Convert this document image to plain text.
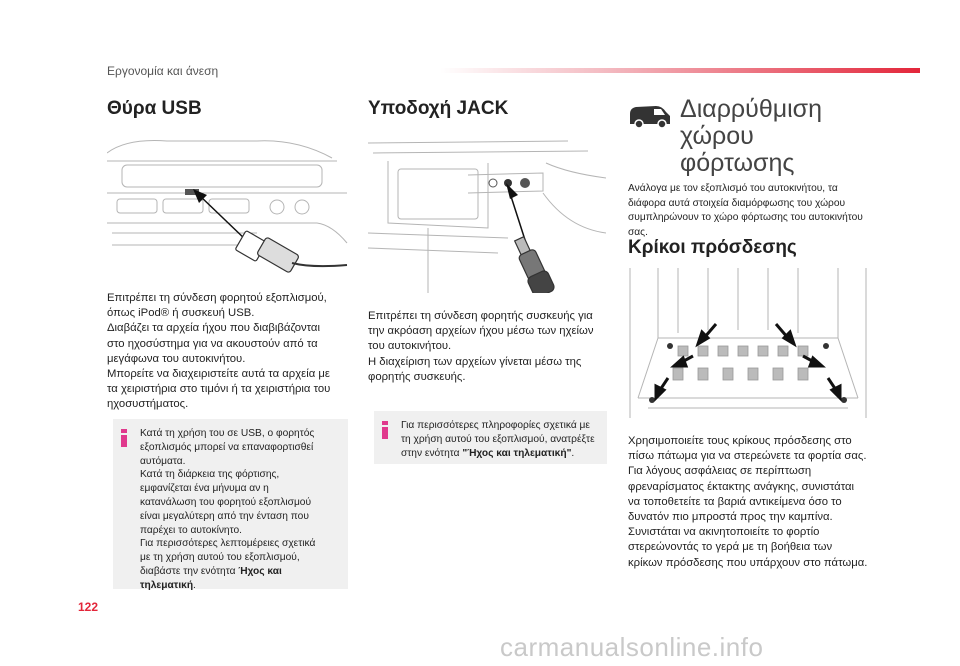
Εργονομία και άνεση
Θύρα USB

Επιτρέπει τη σύνδεση φορητού εξοπλισμού,

όπως iPod® ή συσκευή USB.

Διαβάζει τα αρχεία ήχου που διαβιβάζονται

στο ηχοσύστημα για να ακουστούν από τα

μεγάφωνα του αυτοκινήτου.

Μπορείτε να διαχειριστείτε αυτά τα αρχεία με

τα χειριστήρια στο τιμόνι ή τα χειριστήρια του

ηχοσυστήματος.

Κατά τη χρήση του σε USB, ο φορητός

εξοπλισμός μπορεί να επαναφορτισθεί

αυτόματα.

Κατά τη διάρκεια της φόρτισης,

εμφανίζεται ένα μήνυμα αν η

κατανάλωση του φορητού εξοπλισμού

είναι μεγαλύτερη από την ένταση που

παρέχει το αυτοκίνητο.

Για περισσότερες λεπτομέρειες σχετικά

με τη χρήση αυτού του εξοπλισμού,

διαβάστε την ενότητα Ήχος και

τηλεματική.

Υποδοχή JACK

Επιτρέπει τη σύνδεση φορητής συσκευής για

την ακρόαση αρχείων ήχου μέσω των ηχείων

του αυτοκινήτου.

Η διαχείριση των αρχείων γίνεται μέσω της

φορητής συσκευής.

Για περισσότερες πληροφορίες σχετικά με

τη χρήση αυτού του εξοπλισμού, ανατρέξτε

στην ενότητα "Ήχος και τηλεματική".

Διαρρύθμιση
χώρου
φόρτωσης
Ανάλογα με τον εξοπλισμό του αυτοκινήτου, τα διάφορα αυτά στοιχεία διαμόρφωσης του χώρου συμπληρώνουν το χώρο φόρτωσης του αυτοκινήτου σας.
Κρίκοι πρόσδεσης

Χρησιμοποιείτε τους κρίκους πρόσδεσης στο

πίσω πάτωμα για να στερεώνετε τα φορτία σας.

Για λόγους ασφάλειας σε περίπτωση

φρεναρίσματος έκτακτης ανάγκης, συνιστάται

να τοποθετείτε τα βαριά αντικείμενα όσο το

δυνατόν πιο μπροστά προς την καμπίνα.

Συνιστάται να ακινητοποιείτε το φορτίο

στερεώνοντάς το γερά με τη βοήθεια των

κρίκων πρόσδεσης που υπάρχουν στο πάτωμα.

122
carmanualsonline.info
